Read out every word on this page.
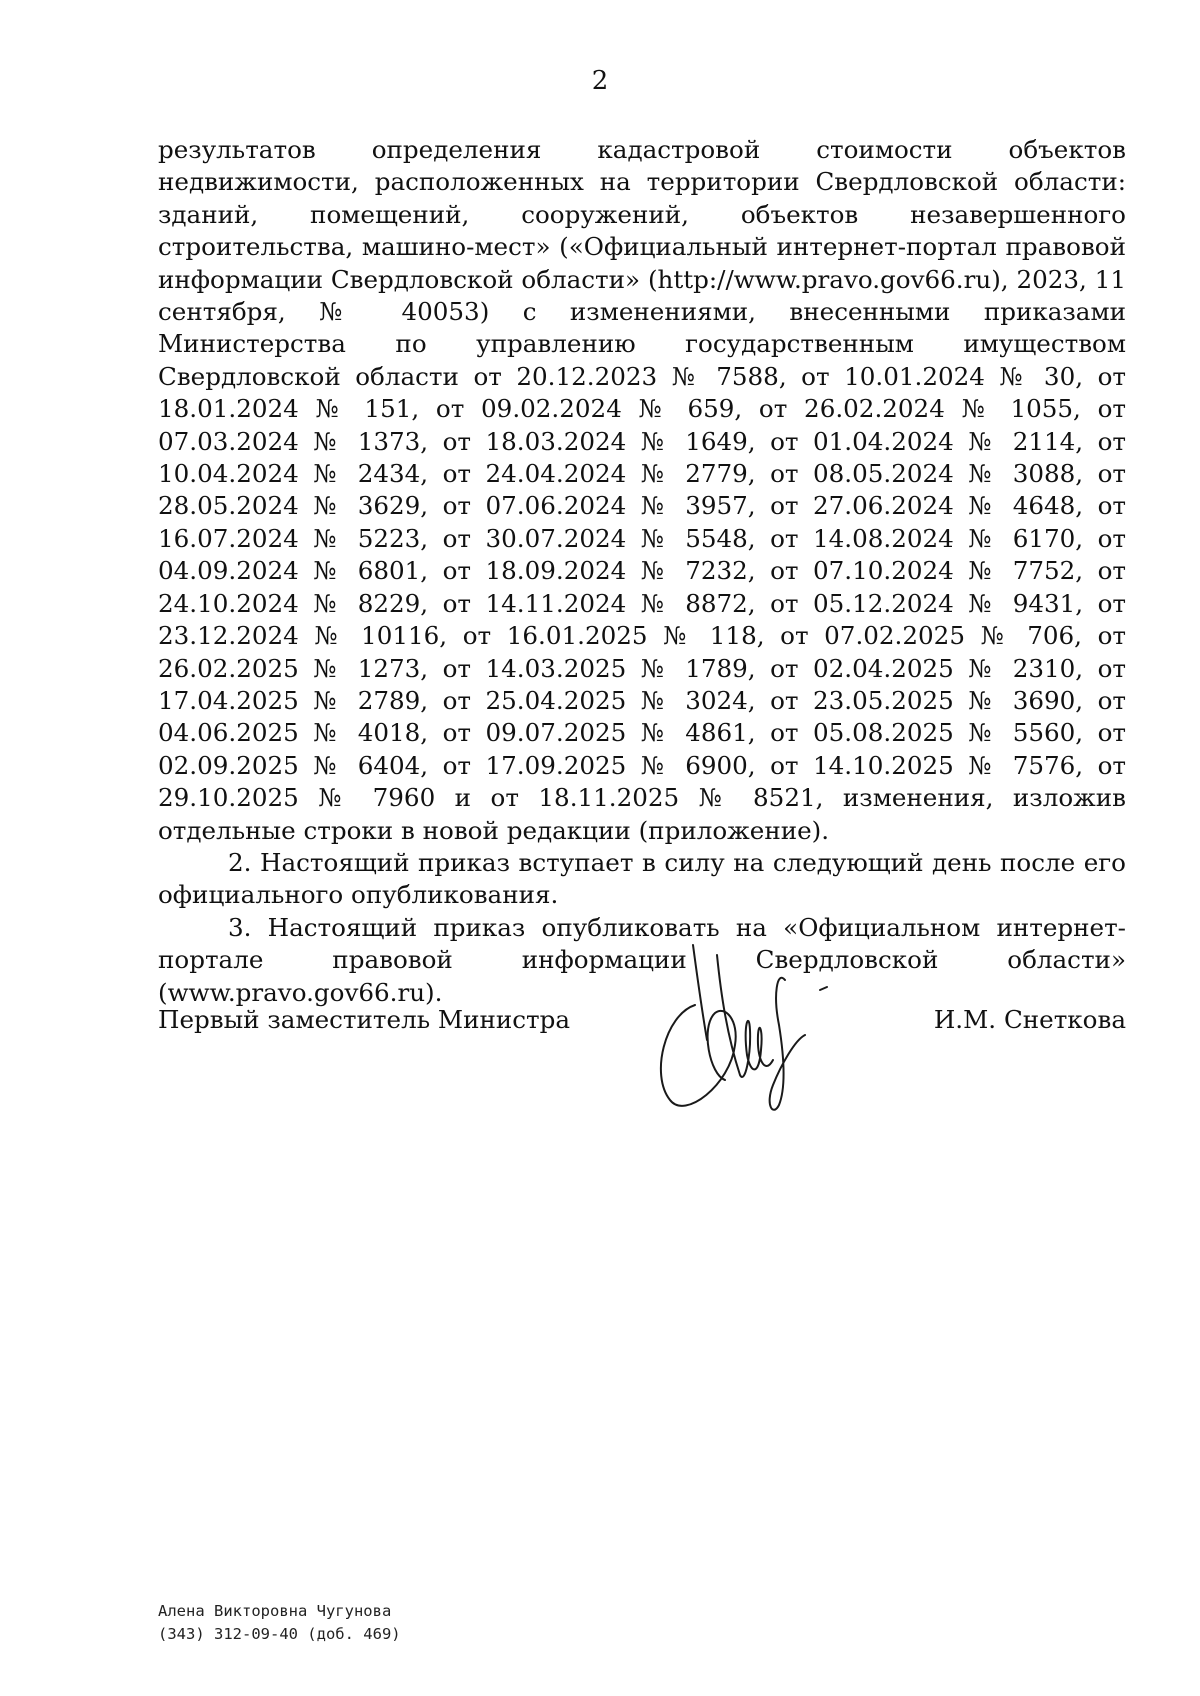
2

результатов определения кадастровой стоимости объектов недвижимости, расположенных на территории Свердловской области: зданий, помещений, сооружений, объектов незавершенного строительства, машино-мест» («Официальный интернет-портал правовой информации Свердловской области» (http://www.pravo.gov66.ru), 2023, 11 сентября, № 40053) с изменениями, внесенными приказами Министерства по управлению государственным имуществом Свердловской области от 20.12.2023 № 7588, от 10.01.2024 № 30, от 18.01.2024 № 151, от 09.02.2024 № 659, от 26.02.2024 № 1055, от 07.03.2024 № 1373, от 18.03.2024 № 1649, от 01.04.2024 № 2114, от 10.04.2024 № 2434, от 24.04.2024 № 2779, от 08.05.2024 № 3088, от 28.05.2024 № 3629, от 07.06.2024 № 3957, от 27.06.2024 № 4648, от 16.07.2024 № 5223, от 30.07.2024 № 5548, от 14.08.2024 № 6170, от 04.09.2024 № 6801, от 18.09.2024 № 7232, от 07.10.2024 № 7752, от 24.10.2024 № 8229, от 14.11.2024 № 8872, от 05.12.2024 № 9431, от 23.12.2024 № 10116, от 16.01.2025 № 118, от 07.02.2025 № 706, от 26.02.2025 № 1273, от 14.03.2025 № 1789, от 02.04.2025 № 2310, от 17.04.2025 № 2789, от 25.04.2025 № 3024, от 23.05.2025 № 3690, от 04.06.2025 № 4018, от 09.07.2025 № 4861, от 05.08.2025 № 5560, от 02.09.2025 № 6404, от 17.09.2025 № 6900, от 14.10.2025 № 7576, от 29.10.2025 № 7960 и от 18.11.2025 № 8521, изменения, изложив отдельные строки в новой редакции (приложение).

2. Настоящий приказ вступает в силу на следующий день после его официального опубликования.

3. Настоящий приказ опубликовать на «Официальном интернет-портале правовой информации Свердловской области» (www.pravo.gov66.ru).

Первый заместитель Министра	И.М. Снеткова
Алена Викторовна Чугунова
(343) 312-09-40 (доб. 469)
